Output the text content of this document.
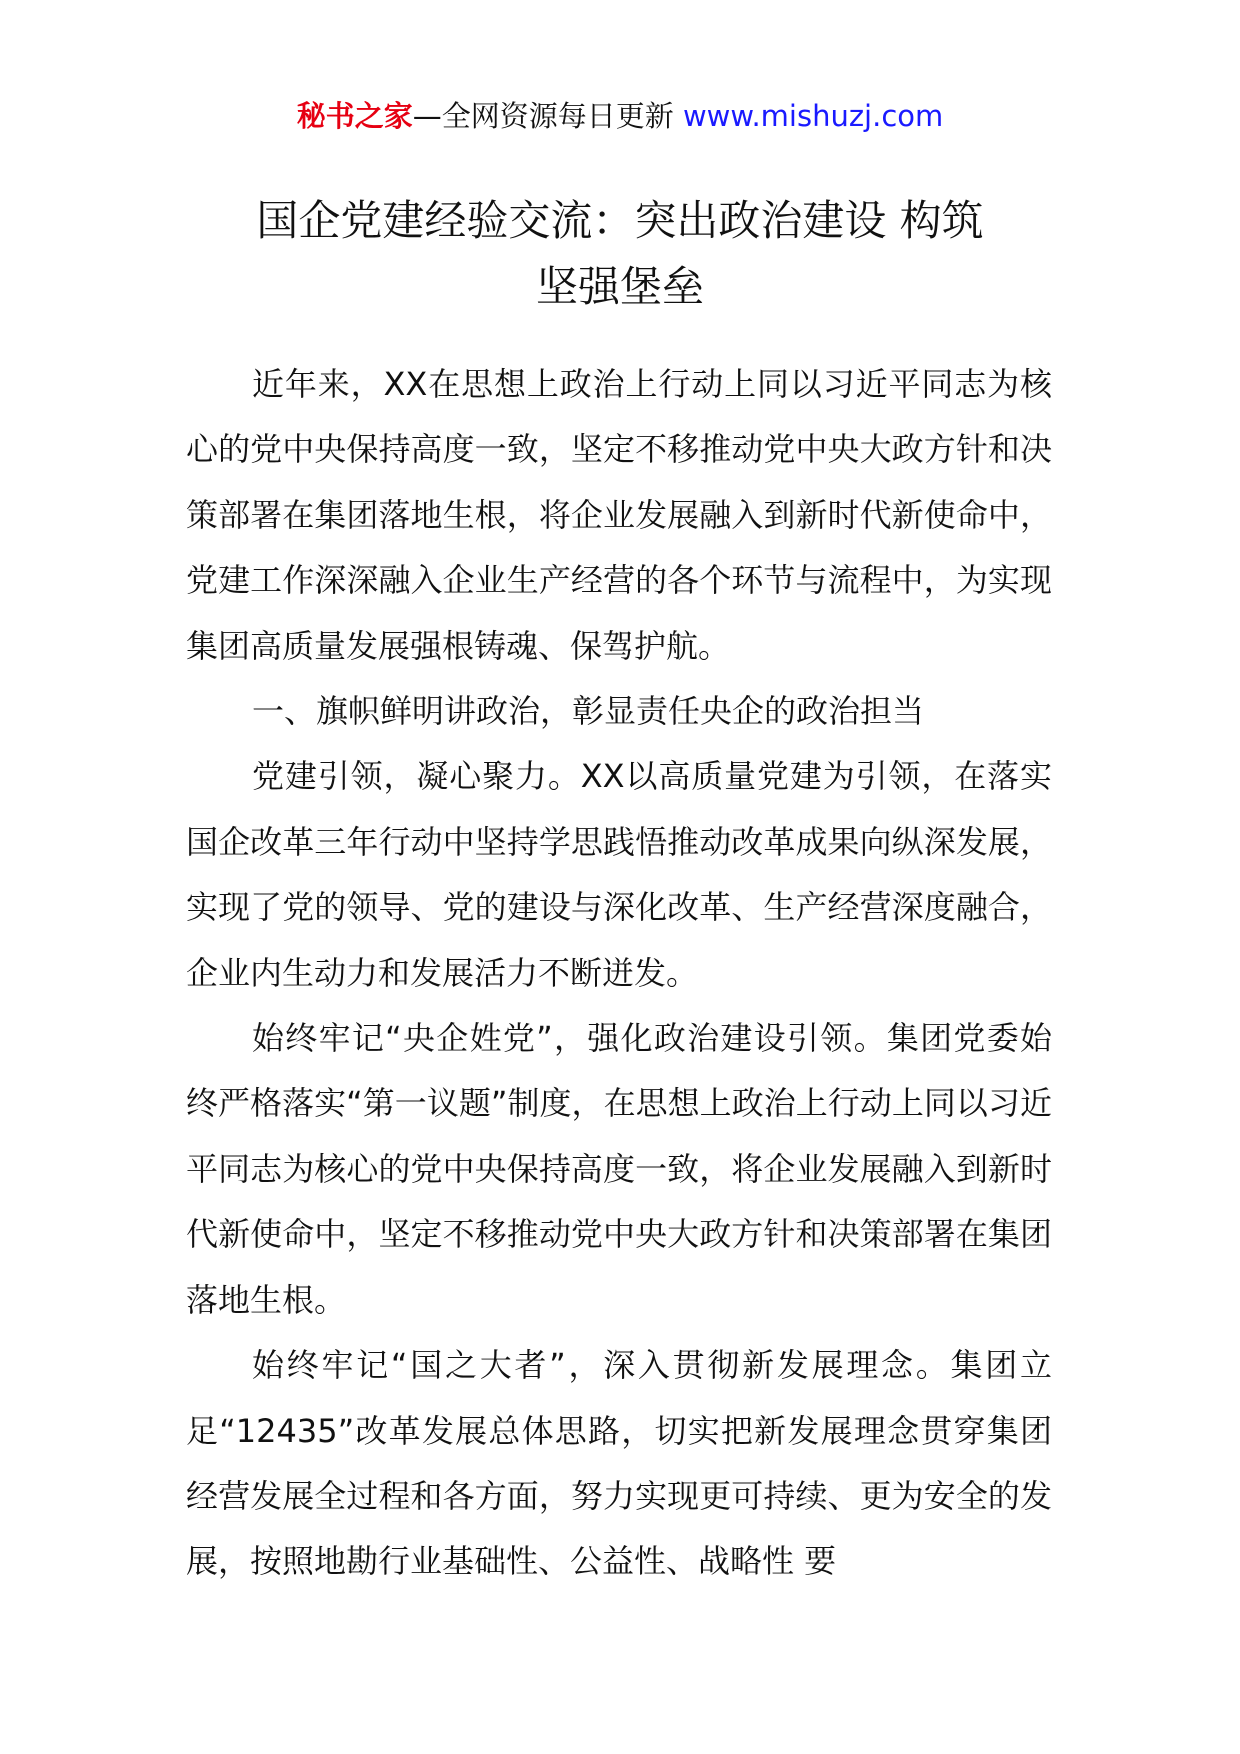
秘书之家—全网资源每日更新 www.mishuzj.com
国企党建经验交流：突出政治建设 构筑
坚强堡垒

近年来，XX在思想上政治上行动上同以习近平同志为核心的党中央保持高度一致，坚定不移推动党中央大政方针和决策部署在集团落地生根，将企业发展融入到新时代新使命中，党建工作深深融入企业生产经营的各个环节与流程中，为实现集团高质量发展强根铸魂、保驾护航。

一、旗帜鲜明讲政治，彰显责任央企的政治担当

党建引领，凝心聚力。XX以高质量党建为引领，在落实国企改革三年行动中坚持学思践悟推动改革成果向纵深发展，实现了党的领导、党的建设与深化改革、生产经营深度融合，企业内生动力和发展活力不断迸发。

始终牢记“央企姓党”，强化政治建设引领。集团党委始终严格落实“第一议题”制度，在思想上政治上行动上同以习近平同志为核心的党中央保持高度一致，将企业发展融入到新时代新使命中，坚定不移推动党中央大政方针和决策部署在集团落地生根。

始终牢记“国之大者”，深入贯彻新发展理念。集团立足“12435”改革发展总体思路，切实把新发展理念贯穿集团经营发展全过程和各方面，努力实现更可持续、更为安全的发展，按照地勘行业基础性、公益性、战略性 要
